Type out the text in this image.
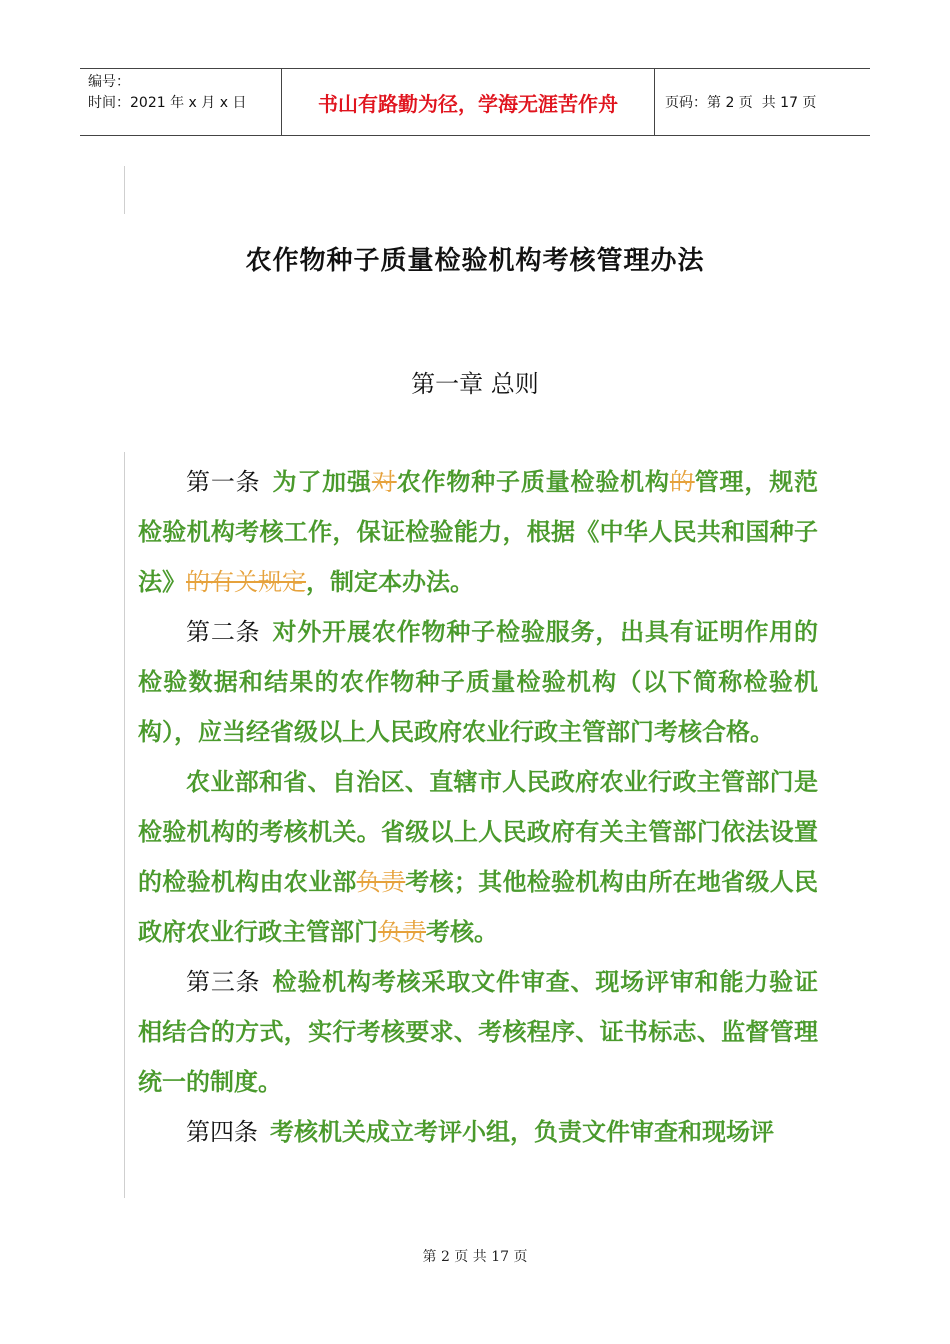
编号：
时间：2021 年 x 月 x 日	书山有路勤为径，学海无涯苦作舟	页码：第 2 页  共 17 页
农作物种子质量检验机构考核管理办法
第一章 总则

第一条 为了加强对农作物种子质量检验机构的管理，规范检验机构考核工作，保证检验能力，根据《中华人民共和国种子法》的有关规定，制定本办法。

第二条 对外开展农作物种子检验服务，出具有证明作用的检验数据和结果的农作物种子质量检验机构（以下简称检验机构），应当经省级以上人民政府农业行政主管部门考核合格。

农业部和省、自治区、直辖市人民政府农业行政主管部门是检验机构的考核机关。省级以上人民政府有关主管部门依法设置的检验机构由农业部负责考核；其他检验机构由所在地省级人民政府农业行政主管部门负责考核。

第三条 检验机构考核采取文件审查、现场评审和能力验证相结合的方式，实行考核要求、考核程序、证书标志、监督管理统一的制度。

第四条 考核机关成立考评小组，负责文件审查和现场评

第 2 页 共 17 页
